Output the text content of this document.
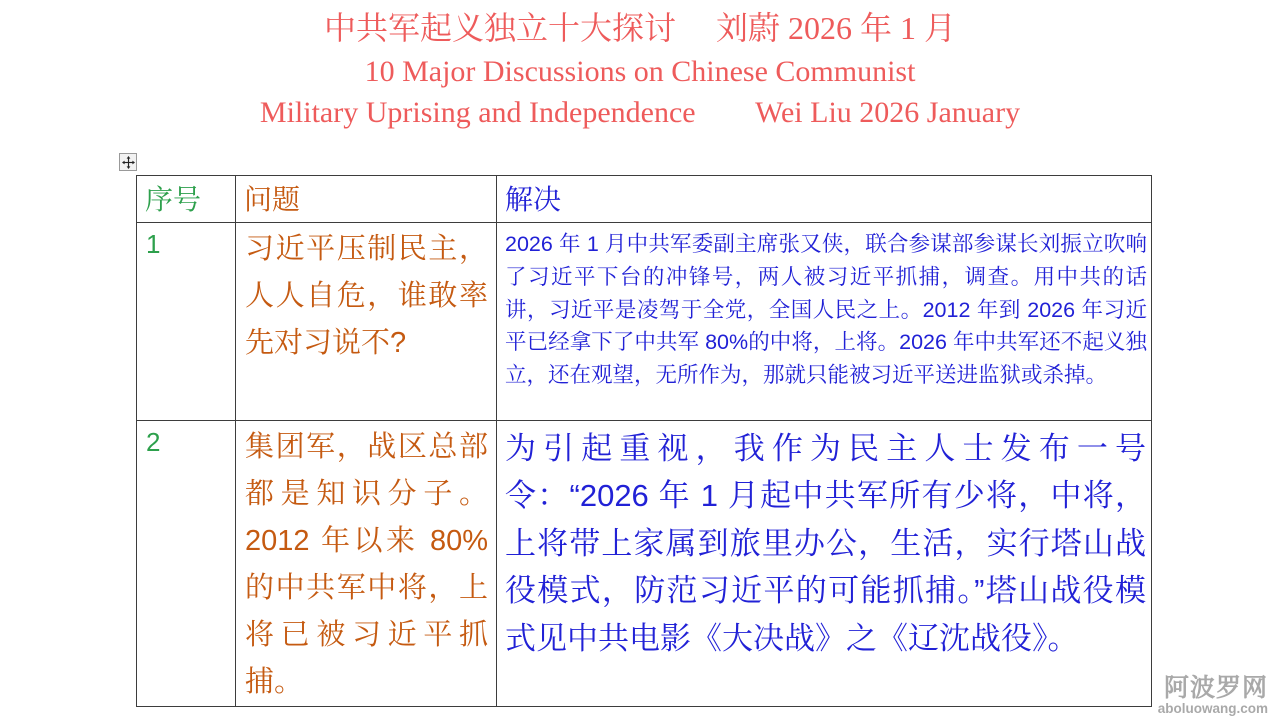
中共军起义独立十大探讨　 刘蔚 2026 年 1 月
10 Major Discussions on Chinese Communist
Military Uprising and Independence        Wei Liu 2026 January
序号	问题	解决
1	习近平压制民主，人人自危，谁敢率先对习说不?	2026 年 1 月中共军委副主席张又侠，联合参谋部参谋长刘振立吹响了习近平下台的冲锋号，两人被习近平抓捕，调查。用中共的话讲，习近平是凌驾于全党，全国人民之上。2012 年到 2026 年习近平已经拿下了中共军 80%的中将，上将。2026 年中共军还不起义独立，还在观望，无所作为，那就只能被习近平送进监狱或杀掉。
2	集团军，战区总部都是知识分子。2012 年以来 80%的中共军中将，上将已被习近平抓捕。	为引起重视，我作为民主人士发布一号令：“2026 年 1 月起中共军所有少将，中将，上将带上家属到旅里办公，生活，实行塔山战役模式，防范习近平的可能抓捕。”塔山战役模式见中共电影《大决战》之《辽沈战役》。
阿波罗网
aboluowang.com
